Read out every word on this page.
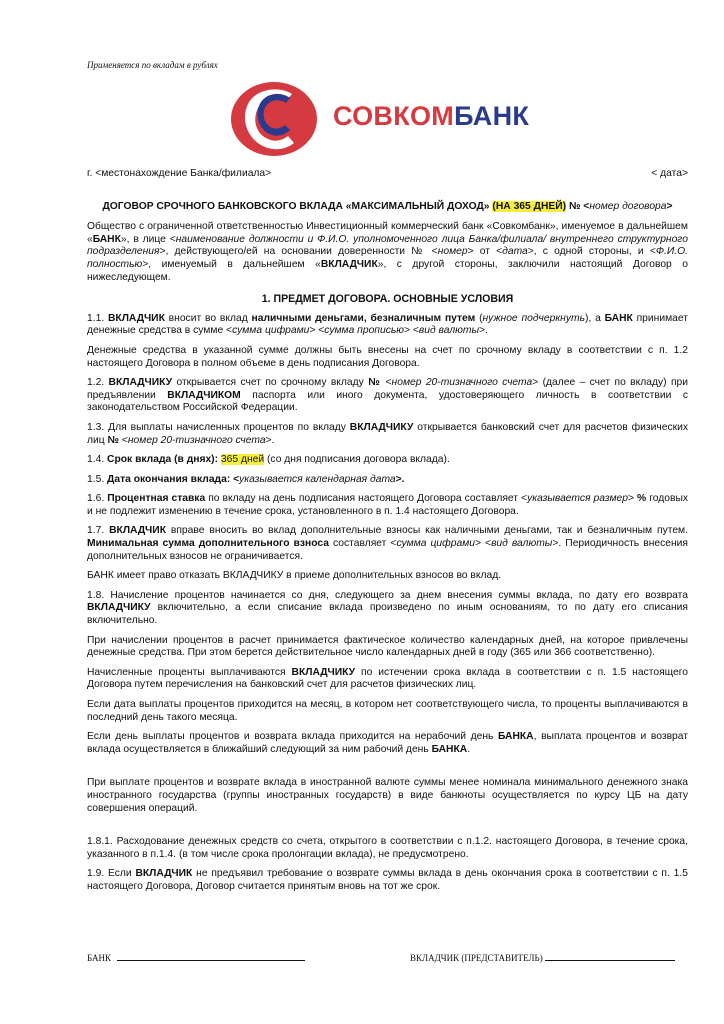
Применяется по вкладам в рублях
СОВКОМБАНК
г. <местонахождение Банка/филиала>	< дата>
ДОГОВОР СРОЧНОГО БАНКОВСКОГО ВКЛАДА «МАКСИМАЛЬНЫЙ ДОХОД» (НА 365 ДНЕЙ) № <номер договора>

Общество с ограниченной ответственностью Инвестиционный коммерческий банк «Совкомбанк», именуемое в дальнейшем «БАНК», в лице <наименование должности и Ф.И.О. уполномоченного лица Банка/филиала/ внутреннего структурного подразделения>, действующего/ей на основании доверенности № <номер> от <дата>, с одной стороны, и <Ф.И.О. полностью>, именуемый в дальнейшем «ВКЛАДЧИК», с другой стороны, заключили настоящий Договор о нижеследующем.

1. ПРЕДМЕТ ДОГОВОРА. ОСНОВНЫЕ УСЛОВИЯ

1.1. ВКЛАДЧИК вносит во вклад наличными деньгами, безналичным путем (нужное подчеркнуть), а БАНК принимает денежные средства в сумме <сумма цифрами> <сумма прописью> <вид валюты>.

Денежные средства в указанной сумме должны быть внесены на счет по срочному вкладу в соответствии с п. 1.2 настоящего Договора в полном объеме в день подписания Договора.

1.2. ВКЛАДЧИКУ открывается счет по срочному вкладу № <номер 20-тизначного счета> (далее – счет по вкладу) при предъявлении ВКЛАДЧИКОМ паспорта или иного документа, удостоверяющего личность в соответствии с законодательством Российской Федерации.

1.3. Для выплаты начисленных процентов по вкладу ВКЛАДЧИКУ открывается банковский счет для расчетов физических лиц № <номер 20-тизначного счета>.

1.4. Срок вклада (в днях): 365 дней (со дня подписания договора вклада).

1.5. Дата окончания вклада: <указывается календарная дата>.

1.6. Процентная ставка по вкладу на день подписания настоящего Договора составляет <указывается размер> % годовых и не подлежит изменению в течение срока, установленного в п. 1.4 настоящего Договора.

1.7. ВКЛАДЧИК вправе вносить во вклад дополнительные взносы как наличными деньгами, так и безналичным путем. Минимальная сумма дополнительного взноса составляет <сумма цифрами> <вид валюты>. Периодичность внесения дополнительных взносов не ограничивается.

БАНК имеет право отказать ВКЛАДЧИКУ в приеме дополнительных взносов во вклад.

1.8. Начисление процентов начинается со дня, следующего за днем внесения суммы вклада, по дату его возврата ВКЛАДЧИКУ включительно, а если списание вклада произведено по иным основаниям, то по дату его списания включительно.

При начислении процентов в расчет принимается фактическое количество календарных дней, на которое привлечены денежные средства. При этом берется действительное число календарных дней в году (365 или 366 соответственно).

Начисленные проценты выплачиваются ВКЛАДЧИКУ по истечении срока вклада в соответствии с п. 1.5 настоящего Договора путем перечисления на банковский счет для расчетов физических лиц.

Если дата выплаты процентов приходится на месяц, в котором нет соответствующего числа, то проценты выплачиваются в последний день такого месяца.

Если день выплаты процентов и возврата вклада приходится на нерабочий день БАНКА, выплата процентов и возврат вклада осуществляется в ближайший следующий за ним рабочий день БАНКА.

При выплате процентов и возврате вклада в иностранной валюте суммы менее номинала минимального денежного знака иностранного государства (группы иностранных государств) в виде банкноты осуществляется по курсу ЦБ на дату совершения операций.

1.8.1. Расходование денежных средств со счета, открытого в соответствии с п.1.2. настоящего Договора, в течение срока, указанного в п.1.4. (в том числе срока пролонгации вклада), не предусмотрено.

1.9. Если ВКЛАДЧИК не предъявил требование о возврате суммы вклада в день окончания срока в соответствии с п. 1.5 настоящего Договора, Договор считается принятым вновь на тот же срок.

БАНК	ВКЛАДЧИК (ПРЕДСТАВИТЕЛЬ)
